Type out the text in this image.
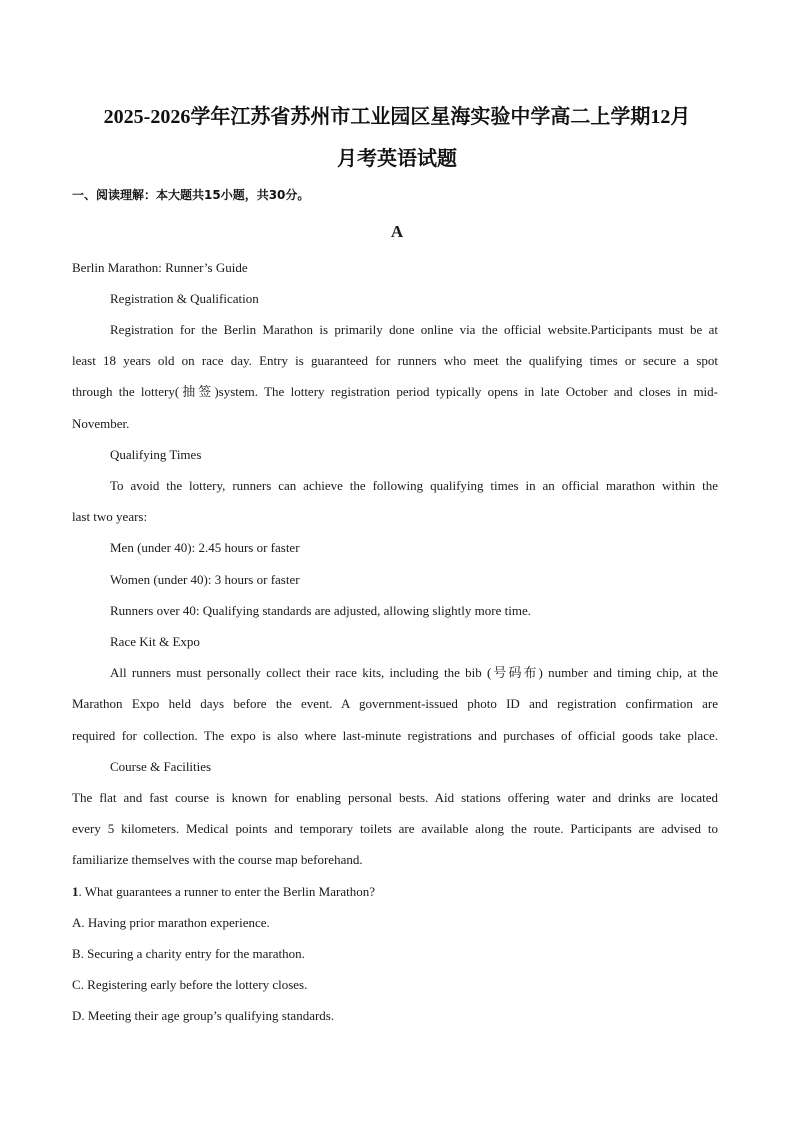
2025-2026学年江苏省苏州市工业园区星海实验中学高二上学期12月
月考英语试题
一、阅读理解：本大题共15小题，共30分。
A
Berlin Marathon: Runner’s Guide
Registration & Qualification
Registration for the Berlin Marathon is primarily done online via the official website.Participants must be at
least 18 years old on race day. Entry is guaranteed for runners who meet the qualifying times or secure a spot
through the lottery(抽签)system. The lottery registration period typically opens in late October and closes in mid-
November.
Qualifying Times
To avoid the lottery, runners can achieve the following qualifying times in an official marathon within the
last two years:
Men (under 40): 2.45 hours or faster
Women (under 40): 3 hours or faster
Runners over 40: Qualifying standards are adjusted, allowing slightly more time.
Race Kit & Expo
All runners must personally collect their race kits, including the bib (号码布) number and timing chip, at the
Marathon Expo held days before the event. A government-issued photo ID and registration confirmation are
required for collection. The expo is also where last-minute registrations and purchases of official goods take place.
Course & Facilities
The flat and fast course is known for enabling personal bests. Aid stations offering water and drinks are located
every 5 kilometers. Medical points and temporary toilets are available along the route. Participants are advised to
familiarize themselves with the course map beforehand.
1. What guarantees a runner to enter the Berlin Marathon?
A. Having prior marathon experience.
B. Securing a charity entry for the marathon.
C. Registering early before the lottery closes.
D. Meeting their age group’s qualifying standards.
